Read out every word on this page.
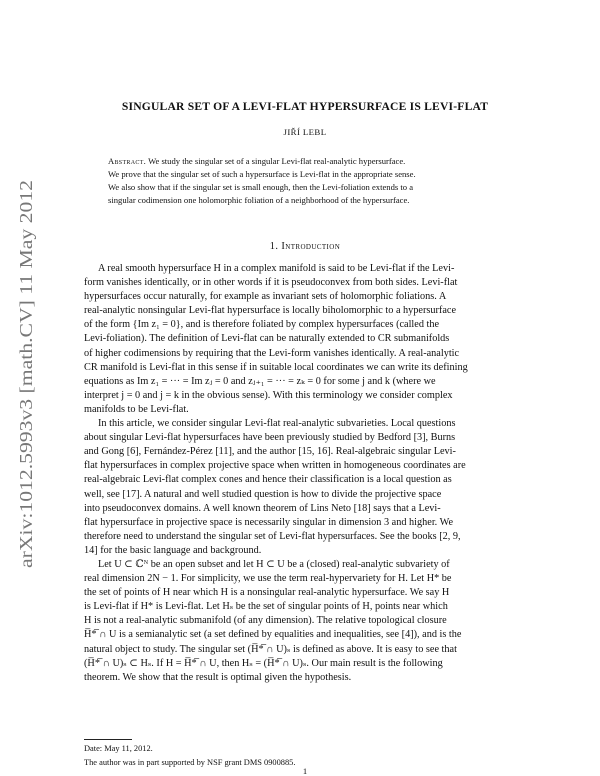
arXiv:1012.5993v3 [math.CV] 11 May 2012
SINGULAR SET OF A LEVI-FLAT HYPERSURFACE IS LEVI-FLAT
JIŘÍ LEBL
Abstract. We study the singular set of a singular Levi-flat real-analytic hypersurface.
We prove that the singular set of such a hypersurface is Levi-flat in the appropriate sense.
We also show that if the singular set is small enough, then the Levi-foliation extends to a
singular codimension one holomorphic foliation of a neighborhood of the hypersurface.
1. Introduction
A real smooth hypersurface H in a complex manifold is said to be Levi-flat if the Levi-
form vanishes identically, or in other words if it is pseudoconvex from both sides. Levi-flat
hypersurfaces occur naturally, for example as invariant sets of holomorphic foliations. A
real-analytic nonsingular Levi-flat hypersurface is locally biholomorphic to a hypersurface
of the form {Im z₁ = 0}, and is therefore foliated by complex hypersurfaces (called the
Levi-foliation). The definition of Levi-flat can be naturally extended to CR submanifolds
of higher codimensions by requiring that the Levi-form vanishes identically. A real-analytic
CR manifold is Levi-flat in this sense if in suitable local coordinates we can write its defining
equations as Im z₁ = ··· = Im zⱼ = 0 and zⱼ₊₁ = ··· = zₖ = 0 for some j and k (where we
interpret j = 0 and j = k in the obvious sense). With this terminology we consider complex
manifolds to be Levi-flat.
In this article, we consider singular Levi-flat real-analytic subvarieties. Local questions
about singular Levi-flat hypersurfaces have been previously studied by Bedford [3], Burns
and Gong [6], Fernández-Pérez [11], and the author [15, 16]. Real-algebraic singular Levi-
flat hypersurfaces in complex projective space when written in homogeneous coordinates are
real-algebraic Levi-flat complex cones and hence their classification is a local question as
well, see [17]. A natural and well studied question is how to divide the projective space
into pseudoconvex domains. A well known theorem of Lins Neto [18] says that a Levi-
flat hypersurface in projective space is necessarily singular in dimension 3 and higher. We
therefore need to understand the singular set of Levi-flat hypersurfaces. See the books [2, 9,
14] for the basic language and background.
Let U ⊂ ℂᴺ be an open subset and let H ⊂ U be a (closed) real-analytic subvariety of
real dimension 2N − 1. For simplicity, we use the term real-hypervariety for H. Let H* be
the set of points of H near which H is a nonsingular real-analytic hypersurface. We say H
is Levi-flat if H* is Levi-flat. Let Hₛ be the set of singular points of H, points near which
H is not a real-analytic submanifold (of any dimension). The relative topological closure
H̅*̅ ∩ U is a semianalytic set (a set defined by equalities and inequalities, see [4]), and is the
natural object to study. The singular set (H̅*̅ ∩ U)ₛ is defined as above. It is easy to see that
(H̅*̅ ∩ U)ₛ ⊂ Hₛ. If H = H̅*̅ ∩ U, then Hₛ = (H̅*̅ ∩ U)ₛ. Our main result is the following
theorem. We show that the result is optimal given the hypothesis.
Date: May 11, 2012.
The author was in part supported by NSF grant DMS 0900885.
1
